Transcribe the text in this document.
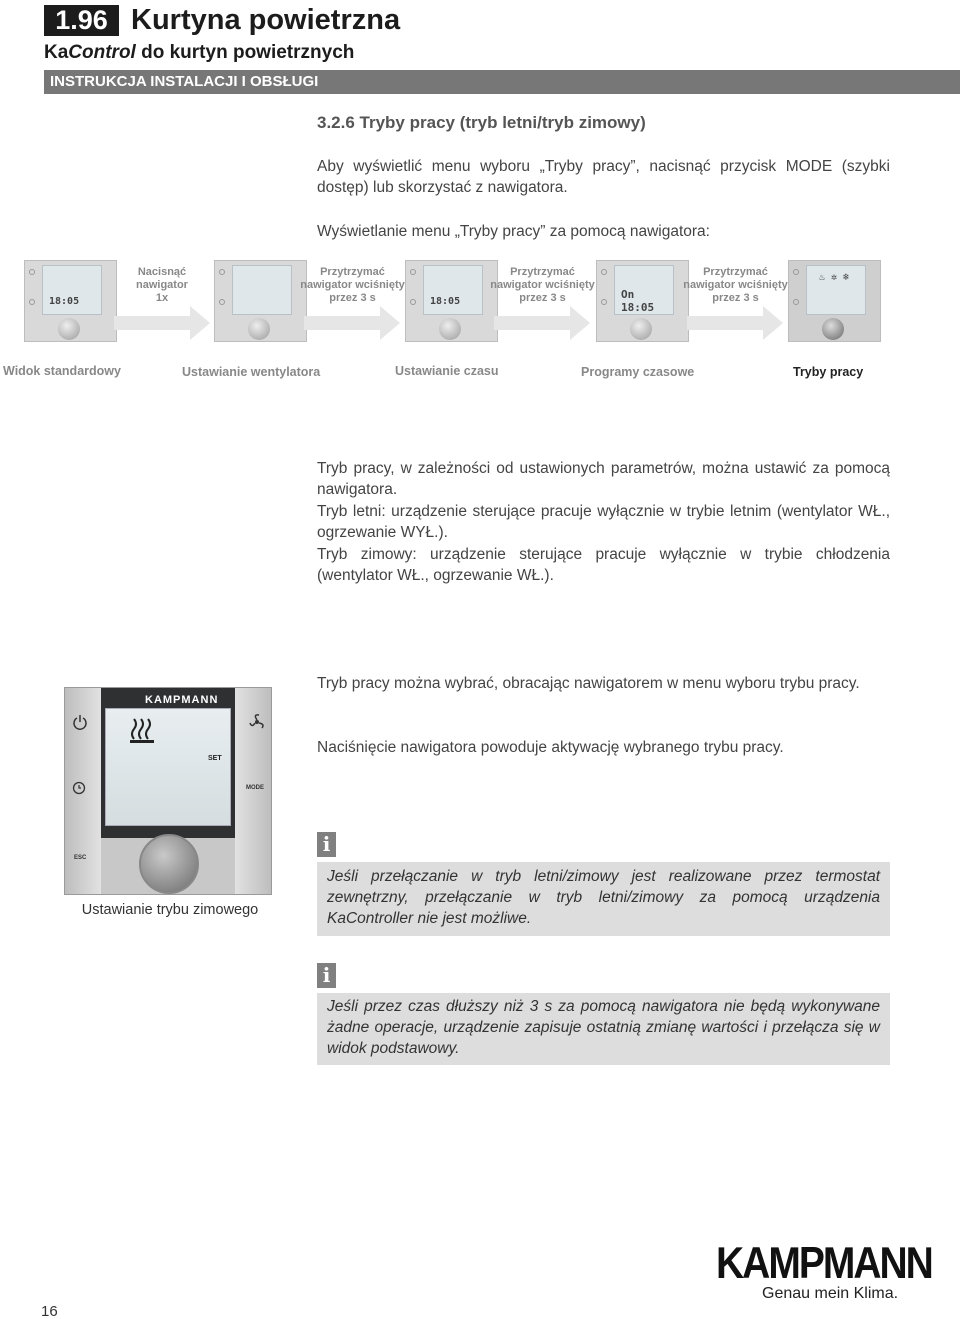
1.96 Kurtyna powietrzna
KaControl do kurtyn powietrznych
INSTRUKCJA INSTALACJI I OBSŁUGI
3.2.6 Tryby pracy (tryb letni/tryb zimowy)
Aby wyświetlić menu wyboru „Tryby pracy”, nacisnąć przycisk MODE (szybki dostęp) lub skorzystać z nawigatora.
Wyświetlanie menu „Tryby pracy” za pomocą nawigatora:
18:05
Nacisnąć
nawigator
1x
Przytrzymać
nawigator wciśnięty
przez 3 s	18:05
Przytrzymać
nawigator wciśnięty
przez 3 s	On 18:05
Przytrzymać
nawigator wciśnięty
przez 3 s
♨ ✲ ❄
Widok standardowy	Ustawianie wentylatora	Ustawianie czasu	Programy czasowe	Tryby pracy
Tryb pracy, w zależności od ustawionych parametrów, można ustawić za pomocą nawigatora.
Tryb letni: urządzenie sterujące pracuje wyłącznie w trybie letnim (wentylator WŁ., ogrzewanie WYŁ.).
Tryb zimowy: urządzenie sterujące pracuje wyłącznie w trybie chłodzenia (wentylator WŁ., ogrzewanie WŁ.).
Tryb pracy można wybrać, obracając nawigatorem w menu wyboru trybu pracy.
Naciśnięcie nawigatora powoduje aktywację wybranego trybu pracy.
KAMPMANN
SET
MODE
ESC
Ustawianie trybu zimowego
i
Jeśli przełączanie w tryb letni/zimowy jest realizowane przez termostat zewnętrzny, przełączanie w tryb letni/zimowy za pomocą urządzenia KaController nie jest możliwe.
i
Jeśli przez czas dłuższy niż 3 s za pomocą nawigatora nie będą wykonywane żadne operacje, urządzenie zapisuje ostatnią zmianę wartości i przełącza się w widok podstawowy.
16
KAMPMANN
Genau mein Klima.
